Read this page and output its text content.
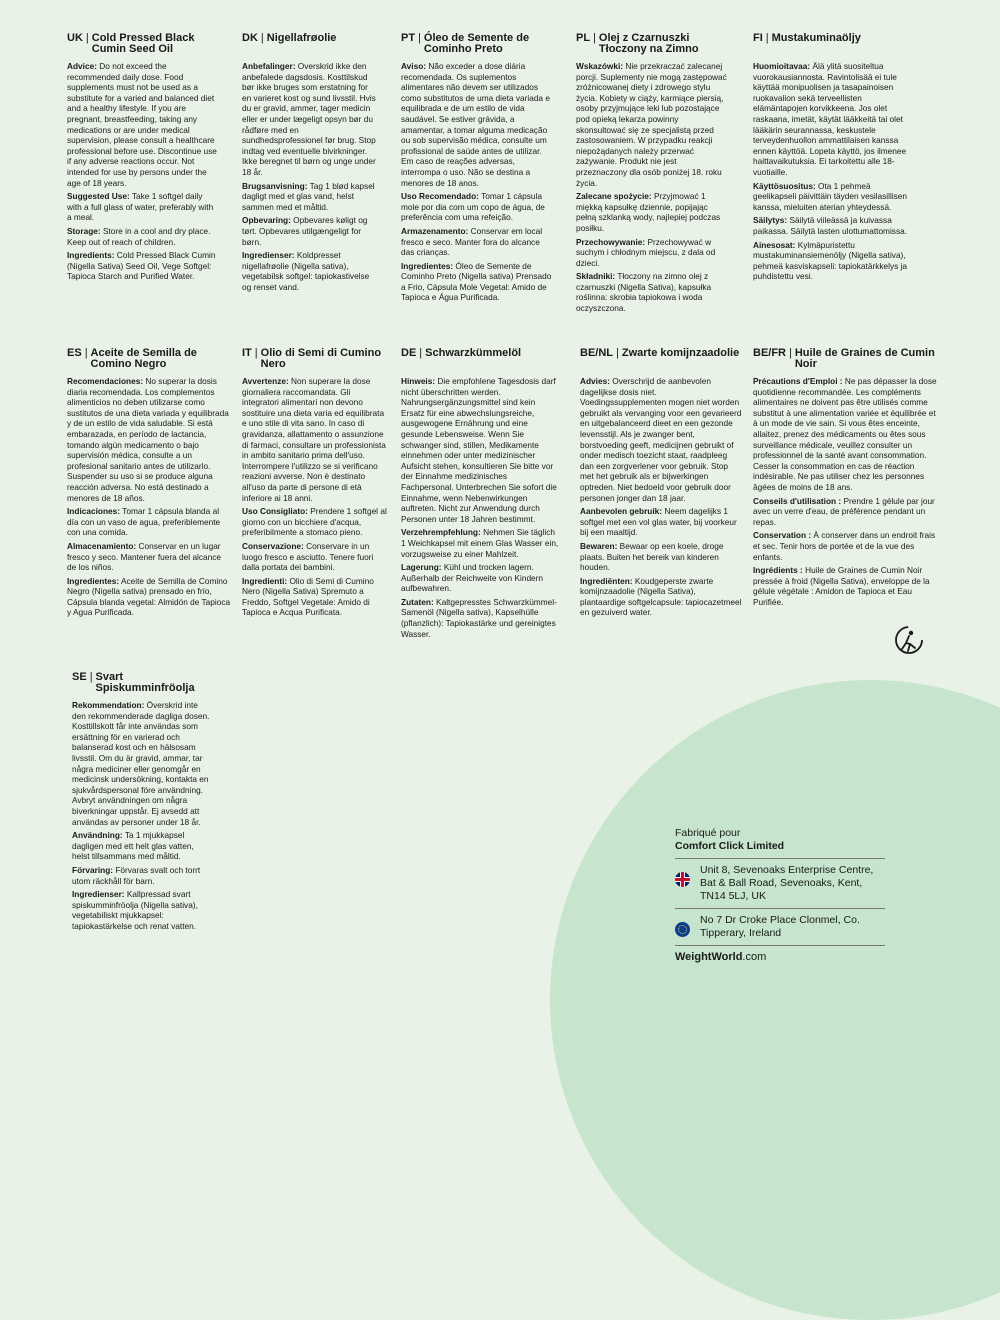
UK | Cold Pressed Black Cumin Seed Oil
Advice: Do not exceed the recommended daily dose. Food supplements must not be used as a substitute for a varied and balanced diet and a healthy lifestyle. If you are pregnant, breastfeeding, taking any medications or are under medical supervision, please consult a healthcare professional before use. Discontinue use if any adverse reactions occur. Not intended for use by persons under the age of 18 years.
Suggested Use: Take 1 softgel daily with a full glass of water, preferably with a meal.
Storage: Store in a cool and dry place. Keep out of reach of children.
Ingredients: Cold Pressed Black Cumin (Nigella Sativa) Seed Oil, Vege Softgel: Tapioca Starch and Purified Water.
DK | Nigellafrøolie
Anbefalinger: Overskrid ikke den anbefalede dagsdosis. Kosttilskud bør ikke bruges som erstatning for en varieret kost og sund livsstil. Hvis du er gravid, ammer, tager medicin eller er under lægeligt opsyn bør du rådføre med en sundhedsprofessionel før brug. Stop indtag ved eventuelle bivirkninger. Ikke beregnet til børn og unge under 18 år.
Brugsanvisning: Tag 1 blød kapsel dagligt med et glas vand, helst sammen med et måltid.
Opbevaring: Opbevares køligt og tørt. Opbevares utilgængeligt for børn.
Ingredienser: Koldpresset nigellafrøolie (Nigella sativa), vegetabilsk softgel: tapiokastivelse og renset vand.
PT | Óleo de Semente de Cominho Preto
Aviso: Não exceder a dose diária recomendada. Os suplementos alimentares não devem ser utilizados como substitutos de uma dieta variada e equilibrada e de um estilo de vida saudável. Se estiver grávida, a amamentar, a tomar alguma medicação ou sob supervisão médica, consulte um profissional de saúde antes de utilizar. Em caso de reações adversas, interrompa o uso. Não se destina a menores de 18 anos.
Uso Recomendado: Tomar 1 cápsula mole por dia com um copo de água, de preferência com uma refeição.
Armazenamento: Conservar em local fresco e seco. Manter fora do alcance das crianças.
Ingredientes: Óleo de Semente de Cominho Preto (Nigella sativa) Prensado a Frio, Cápsula Mole Vegetal: Amido de Tapioca e Água Purificada.
PL | Olej z Czarnuszki Tłoczony na Zimno
Wskazówki: Nie przekraczać zalecanej porcji. Suplementy nie mogą zastępować zróżnicowanej diety i zdrowego stylu życia. Kobiety w ciąży, karmiące piersią, osoby przyjmujące leki lub pozostające pod opieką lekarza powinny skonsultować się ze specjalistą przed zastosowaniem. W przypadku reakcji niepożądanych należy przerwać zażywanie. Produkt nie jest przeznaczony dla osób poniżej 18. roku życia.
Zalecane spożycie: Przyjmować 1 miękką kapsułkę dziennie, popijając pełną szklanką wody, najlepiej podczas posiłku.
Przechowywanie: Przechowywać w suchym i chłodnym miejscu, z dala od dzieci.
Składniki: Tłoczony na zimno olej z czarnuszki (Nigella Sativa), kapsułka roślinna: skrobia tapiokowa i woda oczyszczona.
FI | Mustakuminaöljy
Huomioitavaa: Älä ylitä suositeltua vuorokausiannosta. Ravintolisää ei tule käyttää monipuolisen ja tasapainoisen ruokavalion sekä terveellisten elämäntapojen korvikkeena. Jos olet raskaana, imetät, käytät lääkkeitä tai olet lääkärin seurannassa, keskustele terveydenhuollon ammattilaisen kanssa ennen käyttöä. Lopeta käyttö, jos ilmenee haittavaikutuksia. Ei tarkoitettu alle 18-vuotiaille.
Käyttösuositus: Ota 1 pehmeä geelikapseli päivittäin täyden vesilasillisen kanssa, mieluiten aterian yhteydessä.
Säilytys: Säilytä viileässä ja kuivassa paikassa. Säilytä lasten ulottumattomissa.
Ainesosat: Kylmäpuristettu mustakuminansiemenöljy (Nigella sativa), pehmeä kasviskapseli: tapiokatärkkelys ja puhdistettu vesi.
ES | Aceite de Semilla de Comino Negro
Recomendaciones: No superar la dosis diaria recomendada. Los complementos alimenticios no deben utilizarse como sustitutos de una dieta variada y equilibrada y de un estilo de vida saludable. Si está embarazada, en período de lactancia, tomando algún medicamento o bajo supervisión médica, consulte a un profesional sanitario antes de utilizarlo. Suspender su uso si se produce alguna reacción adversa. No está destinado a menores de 18 años.
Indicaciones: Tomar 1 cápsula blanda al día con un vaso de agua, preferiblemente con una comida.
Almacenamiento: Conservar en un lugar fresco y seco. Mantener fuera del alcance de los niños.
Ingredientes: Aceite de Semilla de Comino Negro (Nigella sativa) prensado en frío, Cápsula blanda vegetal: Almidón de Tapioca y Agua Purificada.
IT | Olio di Semi di Cumino Nero
Avvertenze: Non superare la dose giornaliera raccomandata. Gli integratori alimentari non devono sostituire una dieta varia ed equilibrata e uno stile di vita sano. In caso di gravidanza, allattamento o assunzione di farmaci, consultare un professionista in ambito sanitario prima dell'uso. Interrompere l'utilizzo se si verificano reazioni avverse. Non è destinato all'uso da parte di persone di età inferiore ai 18 anni.
Uso Consigliato: Prendere 1 softgel al giorno con un bicchiere d'acqua, preferibilmente a stomaco pieno.
Conservazione: Conservare in un luogo fresco e asciutto. Tenere fuori dalla portata dei bambini.
Ingredienti: Olio di Semi di Cumino Nero (Nigella Sativa) Spremuto a Freddo, Softgel Vegetale: Amido di Tapioca e Acqua Purificata.
DE | Schwarzkümmelöl
Hinweis: Die empfohlene Tagesdosis darf nicht überschritten werden. Nahrungsergänzungsmittel sind kein Ersatz für eine abwechslungsreiche, ausgewogene Ernährung und eine gesunde Lebensweise. Wenn Sie schwanger sind, stillen, Medikamente einnehmen oder unter medizinischer Aufsicht stehen, konsultieren Sie bitte vor der Einnahme medizinisches Fachpersonal. Unterbrechen Sie sofort die Einnahme, wenn Nebenwirkungen auftreten. Nicht zur Anwendung durch Personen unter 18 Jahren bestimmt.
Verzehrempfehlung: Nehmen Sie täglich 1 Weichkapsel mit einem Glas Wasser ein, vorzugsweise zu einer Mahlzeit.
Lagerung: Kühl und trocken lagern. Außerhalb der Reichweite von Kindern aufbewahren.
Zutaten: Kaltgepresstes Schwarzkümmel-Samenöl (Nigella sativa), Kapselhülle (pflanzlich): Tapiokastärke und gereinigtes Wasser.
BE/NL | Zwarte komijnzaadolie
Advies: Overschrijd de aanbevolen dagelijkse dosis niet. Voedingssupplementen mogen niet worden gebruikt als vervanging voor een gevarieerd en uitgebalanceerd dieet en een gezonde levensstijl. Als je zwanger bent, borstvoeding geeft, medicijnen gebruikt of onder medisch toezicht staat, raadpleeg dan een zorgverlener voor gebruik. Stop met het gebruik als er bijwerkingen optreden. Niet bedoeld voor gebruik door personen jonger dan 18 jaar.
Aanbevolen gebruik: Neem dagelijks 1 softgel met een vol glas water, bij voorkeur bij een maaltijd.
Bewaren: Bewaar op een koele, droge plaats. Buiten het bereik van kinderen houden.
Ingrediënten: Koudgeperste zwarte komijnzaadolie (Nigella Sativa), plantaardige softgelcapsule: tapiocazetmeel en gezuiverd water.
BE/FR | Huile de Graines de Cumin Noir
Précautions d'Emploi : Ne pas dépasser la dose quotidienne recommandée. Les compléments alimentaires ne doivent pas être utilisés comme substitut à une alimentation variée et équilibrée et à un mode de vie sain. Si vous êtes enceinte, allaitez, prenez des médicaments ou êtes sous surveillance médicale, veuillez consulter un professionnel de la santé avant consommation. Cesser la consommation en cas de réaction indésirable. Ne pas utiliser chez les personnes âgées de moins de 18 ans.
Conseils d'utilisation : Prendre 1 gélule par jour avec un verre d'eau, de préférence pendant un repas.
Conservation : À conserver dans un endroit frais et sec. Tenir hors de portée et de la vue des enfants.
Ingrédients : Huile de Graines de Cumin Noir pressée à froid (Nigella Sativa), enveloppe de la gélule végétale : Amidon de Tapioca et Eau Purifiée.
SE | Svart Spiskumminfröolja
Rekommendation: Överskrid inte den rekommenderade dagliga dosen. Kosttillskott får inte användas som ersättning för en varierad och balanserad kost och en hälsosam livsstil. Om du är gravid, ammar, tar några mediciner eller genomgår en medicinsk undersökning, kontakta en sjukvårdspersonal före användning. Avbryt användningen om några biverkningar uppstår. Ej avsedd att användas av personer under 18 år.
Användning: Ta 1 mjukkapsel dagligen med ett helt glas vatten, helst tillsammans med måltid.
Förvaring: Förvaras svalt och torrt utom räckhåll för barn.
Ingredienser: Kallpressad svart spiskumminfröolja (Nigella sativa), vegetabiliskt mjukkapsel: tapiokastärkelse och renat vatten.
Fabriqué pour
Comfort Click Limited
Unit 8, Sevenoaks Enterprise Centre, Bat & Ball Road, Sevenoaks, Kent, TN14 5LJ, UK
No 7 Dr Croke Place Clonmel, Co. Tipperary, Ireland
WeightWorld.com
